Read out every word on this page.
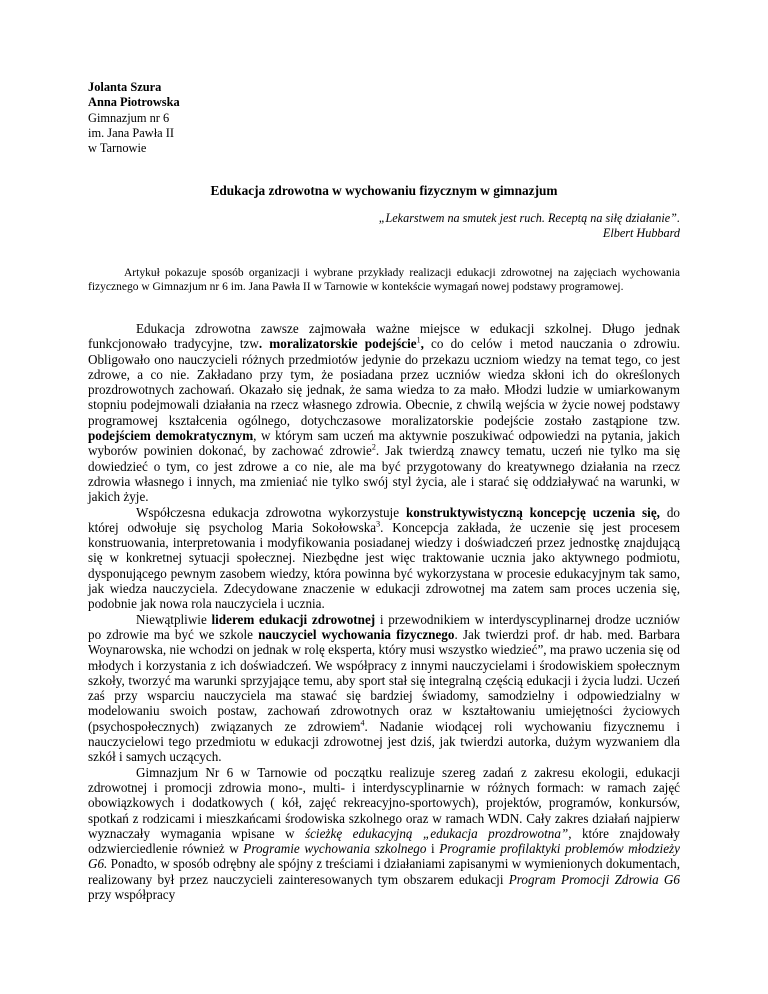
Jolanta Szura
Anna Piotrowska
Gimnazjum nr 6
im. Jana Pawła II
w Tarnowie
Edukacja zdrowotna w wychowaniu fizycznym w gimnazjum
„Lekarstwem na smutek jest ruch. Receptą na siłę działanie”.
Elbert Hubbard

Artykuł pokazuje sposób organizacji i wybrane przykłady realizacji edukacji zdrowotnej na zajęciach wychowania fizycznego w Gimnazjum nr 6 im. Jana Pawła II w Tarnowie w kontekście wymagań nowej podstawy programowej.

Edukacja zdrowotna zawsze zajmowała ważne miejsce w edukacji szkolnej. Długo jednak funkcjonowało tradycyjne, tzw. moralizatorskie podejście$^1$, co do celów i metod nauczania o zdrowiu. Obligowało ono nauczycieli różnych przedmiotów jedynie do przekazu uczniom wiedzy na temat tego, co jest zdrowe, a co nie. Zakładano przy tym, że posiadana przez uczniów wiedza skłoni ich do określonych prozdrowotnych zachowań. Okazało się jednak, że sama wiedza to za mało. Młodzi ludzie w umiarkowanym stopniu podejmowali działania na rzecz własnego zdrowia. Obecnie, z chwilą wejścia w życie nowej podstawy programowej kształcenia ogólnego, dotychczasowe moralizatorskie podejście zostało zastąpione tzw. podejściem demokratycznym, w którym sam uczeń ma aktywnie poszukiwać odpowiedzi na pytania, jakich wyborów powinien dokonać, by zachować zdrowie$^2$. Jak twierdzą znawcy tematu, uczeń nie tylko ma się dowiedzieć o tym, co jest zdrowe a co nie, ale ma być przygotowany do kreatywnego działania na rzecz zdrowia własnego i innych, ma zmieniać nie tylko swój styl życia, ale i starać się oddziaływać na warunki, w jakich żyje.

Współczesna edukacja zdrowotna wykorzystuje konstruktywistyczną koncepcję uczenia się, do której odwołuje się psycholog Maria Sokołowska$^3$. Koncepcja zakłada, że uczenie się jest procesem konstruowania, interpretowania i modyfikowania posiadanej wiedzy i doświadczeń przez jednostkę znajdującą się w konkretnej sytuacji społecznej. Niezbędne jest więc traktowanie ucznia jako aktywnego podmiotu, dysponującego pewnym zasobem wiedzy, która powinna być wykorzystana w procesie edukacyjnym tak samo, jak wiedza nauczyciela. Zdecydowane znaczenie w edukacji zdrowotnej ma zatem sam proces uczenia się, podobnie jak nowa rola nauczyciela i ucznia.

Niewątpliwie liderem edukacji zdrowotnej i przewodnikiem w interdyscyplinarnej drodze uczniów po zdrowie ma być we szkole nauczyciel wychowania fizycznego. Jak twierdzi prof. dr hab. med. Barbara Woynarowska, nie wchodzi on jednak w rolę eksperta, który musi wszystko wiedzieć”, ma prawo uczenia się od młodych i korzystania z ich doświadczeń. We współpracy z innymi nauczycielami i środowiskiem społecznym szkoły, tworzyć ma warunki sprzyjające temu, aby sport stał się integralną częścią edukacji i życia ludzi. Uczeń zaś przy wsparciu nauczyciela ma stawać się bardziej świadomy, samodzielny i odpowiedzialny w modelowaniu swoich postaw, zachowań zdrowotnych oraz w kształtowaniu umiejętności życiowych (psychospołecznych) związanych ze zdrowiem$^4$. Nadanie wiodącej roli wychowaniu fizycznemu i nauczycielowi tego przedmiotu w edukacji zdrowotnej jest dziś, jak twierdzi autorka, dużym wyzwaniem dla szkół i samych uczących.

Gimnazjum Nr 6 w Tarnowie od początku realizuje szereg zadań z zakresu ekologii, edukacji zdrowotnej i promocji zdrowia mono-, multi- i interdyscyplinarnie w różnych formach: w ramach zajęć obowiązkowych i dodatkowych ( kół, zajęć rekreacyjno-sportowych), projektów, programów, konkursów, spotkań z rodzicami i mieszkańcami środowiska szkolnego oraz w ramach WDN. Cały zakres działań najpierw wyznaczały wymagania wpisane w ścieżkę edukacyjną „edukacja prozdrowotna”, które znajdowały odzwierciedlenie również w Programie wychowania szkolnego i Programie profilaktyki problemów młodzieży G6. Ponadto, w sposób odrębny ale spójny z treściami i działaniami zapisanymi w wymienionych dokumentach, realizowany był przez nauczycieli zainteresowanych tym obszarem edukacji Program Promocji Zdrowia G6 przy współpracy
